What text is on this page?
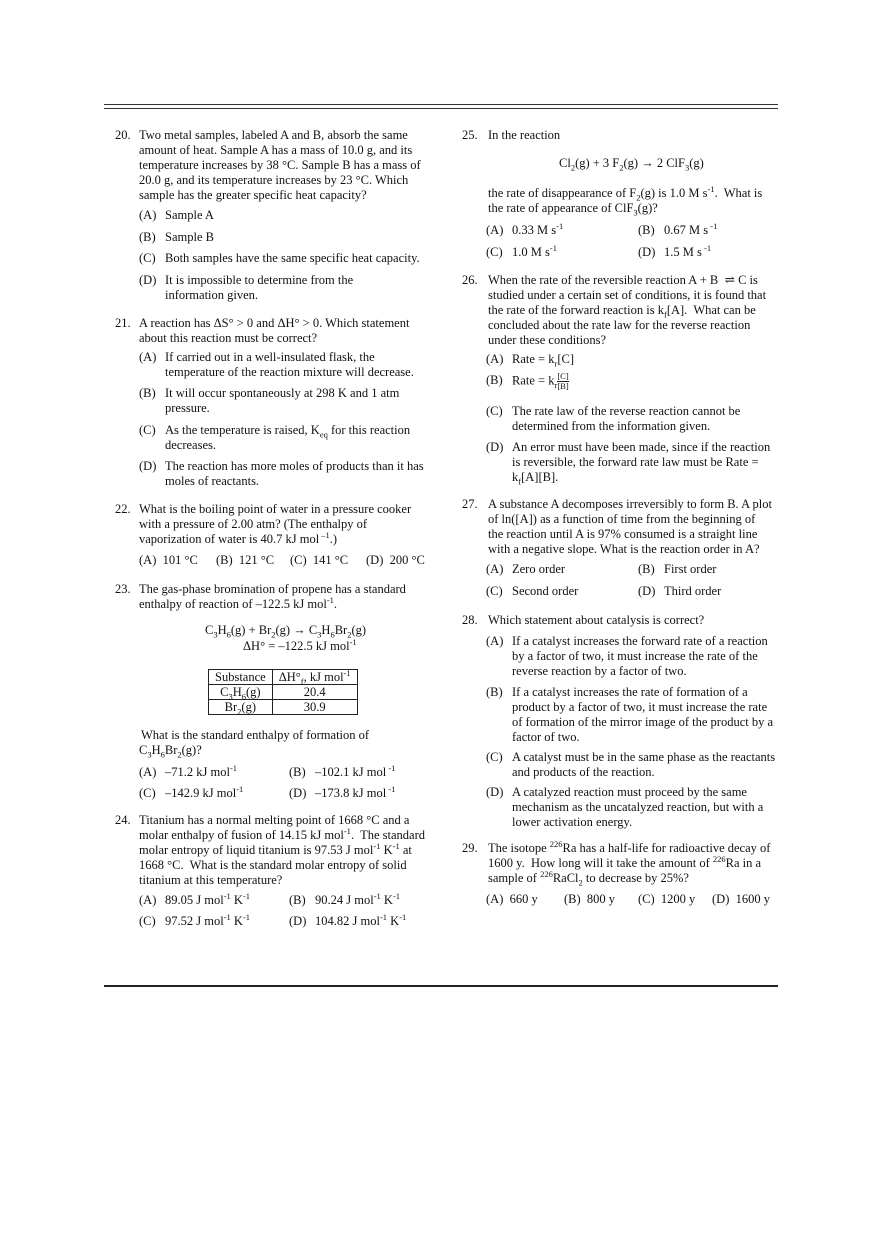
20. Two metal samples, labeled A and B, absorb the same amount of heat. Sample A has a mass of 10.0 g, and its temperature increases by 38 °C. Sample B has a mass of 20.0 g, and its temperature increases by 23 °C. Which sample has the greater specific heat capacity?
(A) Sample A
(B) Sample B
(C) Both samples have the same specific heat capacity.
(D) It is impossible to determine from the information given.
21. A reaction has ΔS° > 0 and ΔH° > 0. Which statement about this reaction must be correct?
(A) If carried out in a well-insulated flask, the temperature of the reaction mixture will decrease.
(B) It will occur spontaneously at 298 K and 1 atm pressure.
(C) As the temperature is raised, $K_{eq}$ for this reaction decreases.
(D) The reaction has more moles of products than it has moles of reactants.
22. What is the boiling point of water in a pressure cooker with a pressure of 2.00 atm? (The enthalpy of vaporization of water is 40.7 kJ mol $^{-1}$.)
(A) 101 °C (B) 121 °C (C) 141 °C (D) 200 °C
23. The gas-phase bromination of propene has a standard enthalpy of reaction of –122.5 kJ mol$^{-1}$.
$C_3H_6(g) + Br_2(g) \to C_3H_6Br_2(g)$
ΔH° = –122.5 kJ mol$^{-1}$
Substance	$\Delta H^\circ_f$, kJ mol$^{-1}$
$C_3H_6(g)$	20.4
$Br_2(g)$	30.9
What is the standard enthalpy of formation of
$C_3H_6Br_2(g)$?
(A) –71.2 kJ mol$^{-1}$	(B) –102.1 kJ mol $^{-1}$
(C) –142.9 kJ mol$^{-1}$	(D) –173.8 kJ mol $^{-1}$
24. Titanium has a normal melting point of 1668 °C and a molar enthalpy of fusion of 14.15 kJ mol$^{-1}$.  The standard molar entropy of liquid titanium is 97.53 J mol$^{-1}$ $K^{-1}$ at 1668 °C.  What is the standard molar entropy of solid titanium at this temperature?
(A) 89.05 J mol$^{-1}$ $K^{-1}$	(B) 90.24 J mol$^{-1}$ $K^{-1}$
(C) 97.52 J mol$^{-1}$ $K^{-1}$	(D) 104.82 J mol$^{-1}$ $K^{-1}$
25. In the reaction
$Cl_2(g) + 3$ $F_2(g) \to 2$ ClF$_3$(g)
the rate of disappearance of $F_2(g)$ is 1.0 M $s^{-1}$.  What is the rate of appearance of ClF$_3$(g)?
(A) 0.33 M $s^{-1}$	(B) 0.67 M s $^{-1}$
(C) 1.0 M $s^{-1}$	(D) 1.5 M s $^{-1}$
26. When the rate of the reversible reaction A + B  ⇌ C is studied under a certain set of conditions, it is found that the rate of the forward reaction is $k_f[A]$.  What can be concluded about the rate law for the reverse reaction under these conditions?
(A) Rate = $k_r[C]$
(B) Rate = $k_r \frac{[C]}{[B]}$
(C) The rate law of the reverse reaction cannot be determined from the information given.
(D) An error must have been made, since if the reaction is reversible, the forward rate law must be Rate = $k_f[A][B]$.
27. A substance A decomposes irreversibly to form B. A plot of ln([A]) as a function of time from the beginning of the reaction until A is 97% consumed is a straight line with a negative slope. What is the reaction order in A?
(A) Zero order	(B) First order
(C) Second order	(D) Third order
28. Which statement about catalysis is correct?
(A) If a catalyst increases the forward rate of a reaction by a factor of two, it must increase the rate of the reverse reaction by a factor of two.
(B) If a catalyst increases the rate of formation of a product by a factor of two, it must increase the rate of formation of the mirror image of the product by a factor of two.
(C) A catalyst must be in the same phase as the reactants and products of the reaction.
(D) A catalyzed reaction must proceed by the same mechanism as the uncatalyzed reaction, but with a lower activation energy.
29. The isotope $^{226}$Ra has a half-life for radioactive decay of 1600 y.  How long will it take the amount of $^{226}$Ra in a sample of $^{226}$RaCl$_2$ to decrease by 25%?
(A) 660 y (B) 800 y (C) 1200 y (D) 1600 y
